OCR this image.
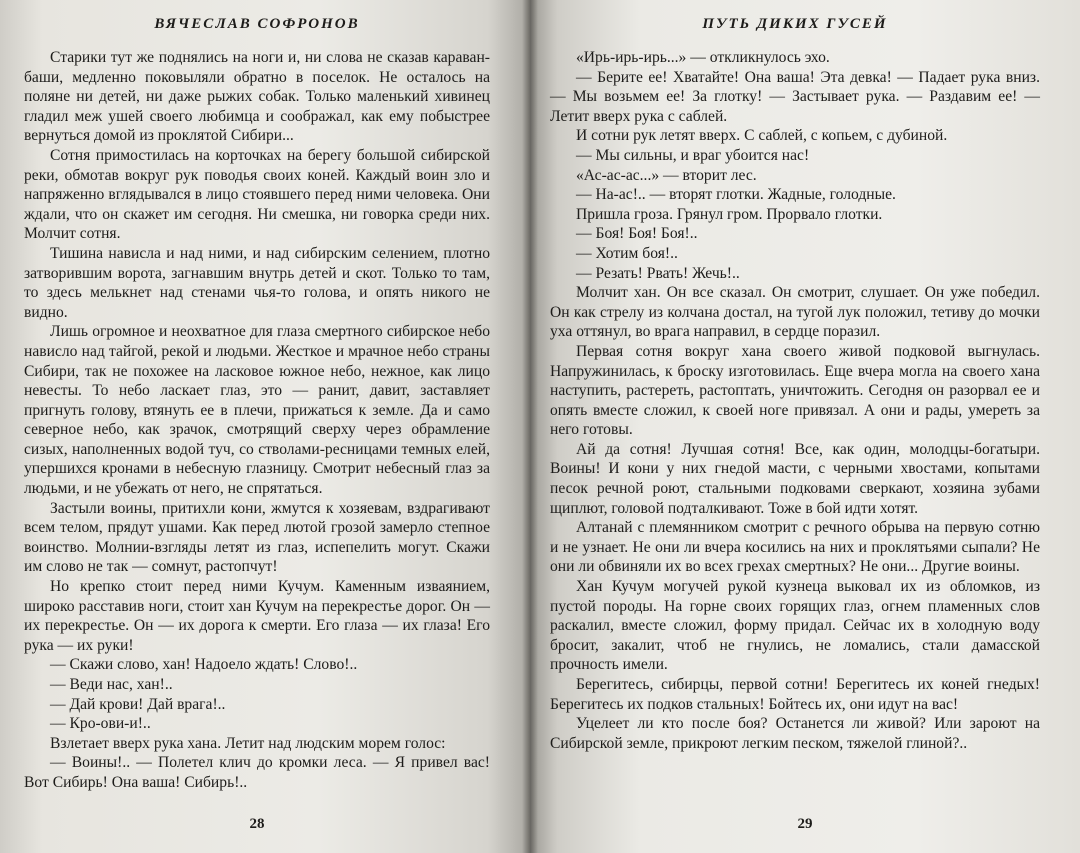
ВЯЧЕСЛАВ СОФРОНОВ

Старики тут же поднялись на ноги и, ни слова не сказав караван-баши, медленно поковыляли обратно в поселок. Не осталось на поляне ни детей, ни даже рыжих собак. Только маленький хивинец гладил меж ушей своего любимца и соображал, как ему побыстрее вернуться домой из проклятой Сибири...

Сотня примостилась на корточках на берегу большой сибирской реки, обмотав вокруг рук поводья своих коней. Каждый воин зло и напряженно вглядывался в лицо стоявшего перед ними человека. Они ждали, что он скажет им сегодня. Ни смешка, ни говорка среди них. Молчит сотня.

Тишина нависла и над ними, и над сибирским селением, плотно затворившим ворота, загнавшим внутрь детей и скот. Только то там, то здесь мелькнет над стенами чья-то голова, и опять никого не видно.

Лишь огромное и неохватное для глаза смертного сибирское небо нависло над тайгой, рекой и людьми. Жесткое и мрачное небо страны Сибири, так не похожее на ласковое южное небо, нежное, как лицо невесты. То небо ласкает глаз, это — ранит, давит, заставляет пригнуть голову, втянуть ее в плечи, прижаться к земле. Да и само северное небо, как зрачок, смотрящий сверху через обрамление сизых, наполненных водой туч, со стволами-ресницами темных елей, упершихся кронами в небесную глазницу. Смотрит небесный глаз за людьми, и не убежать от него, не спрятаться.

Застыли воины, притихли кони, жмутся к хозяевам, вздрагивают всем телом, прядут ушами. Как перед лютой грозой замерло степное воинство. Молнии-взгляды летят из глаз, испепелить могут. Скажи им слово не так — сомнут, растопчут!

Но крепко стоит перед ними Кучум. Каменным изваянием, широко расставив ноги, стоит хан Кучум на перекрестье дорог. Он — их перекрестье. Он — их дорога к смерти. Его глаза — их глаза! Его рука — их руки!

— Скажи слово, хан! Надоело ждать! Слово!..

— Веди нас, хан!..

— Дай крови! Дай врага!..

— Кро-ови-и!..

Взлетает вверх рука хана. Летит над людским морем голос:

— Воины!.. — Полетел клич до кромки леса. — Я привел вас! Вот Сибирь! Она ваша! Сибирь!..

28
ПУТЬ ДИКИХ ГУСЕЙ

«Ирь-ирь-ирь...» — откликнулось эхо.

— Берите ее! Хватайте! Она ваша! Эта девка! — Падает рука вниз. — Мы возьмем ее! За глотку! — Застывает рука. — Раздавим ее! — Летит вверх рука с саблей.

И сотни рук летят вверх. С саблей, с копьем, с дубиной.

— Мы сильны, и враг убоится нас!

«Ас-ас-ас...» — вторит лес.

— На-ас!.. — вторят глотки. Жадные, голодные.

Пришла гроза. Грянул гром. Прорвало глотки.

— Боя! Боя! Боя!..

— Хотим боя!..

— Резать! Рвать! Жечь!..

Молчит хан. Он все сказал. Он смотрит, слушает. Он уже победил. Он как стрелу из колчана достал, на тугой лук положил, тетиву до мочки уха оттянул, во врага направил, в сердце поразил.

Первая сотня вокруг хана своего живой подковой выгнулась. Напружинилась, к броску изготовилась. Еще вчера могла на своего хана наступить, растереть, растоптать, уничтожить. Сегодня он разорвал ее и опять вместе сложил, к своей ноге привязал. А они и рады, умереть за него готовы.

Ай да сотня! Лучшая сотня! Все, как один, молодцы-богатыри. Воины! И кони у них гнедой масти, с черными хвостами, копытами песок речной роют, стальными подковами сверкают, хозяина зубами щиплют, головой подталкивают. Тоже в бой идти хотят.

Алтанай с племянником смотрит с речного обрыва на первую сотню и не узнает. Не они ли вчера косились на них и проклятьями сыпали? Не они ли обвиняли их во всех грехах смертных? Не они... Другие воины.

Хан Кучум могучей рукой кузнеца выковал их из обломков, из пустой породы. На горне своих горящих глаз, огнем пламенных слов раскалил, вместе сложил, форму придал. Сейчас их в холодную воду бросит, закалит, чтоб не гнулись, не ломались, стали дамасской прочность имели.

Берегитесь, сибирцы, первой сотни! Берегитесь их коней гнедых! Берегитесь их подков стальных! Бойтесь их, они идут на вас!

Уцелеет ли кто после боя? Останется ли живой? Или зароют на Сибирской земле, прикроют легким песком, тяжелой глиной?..

29
